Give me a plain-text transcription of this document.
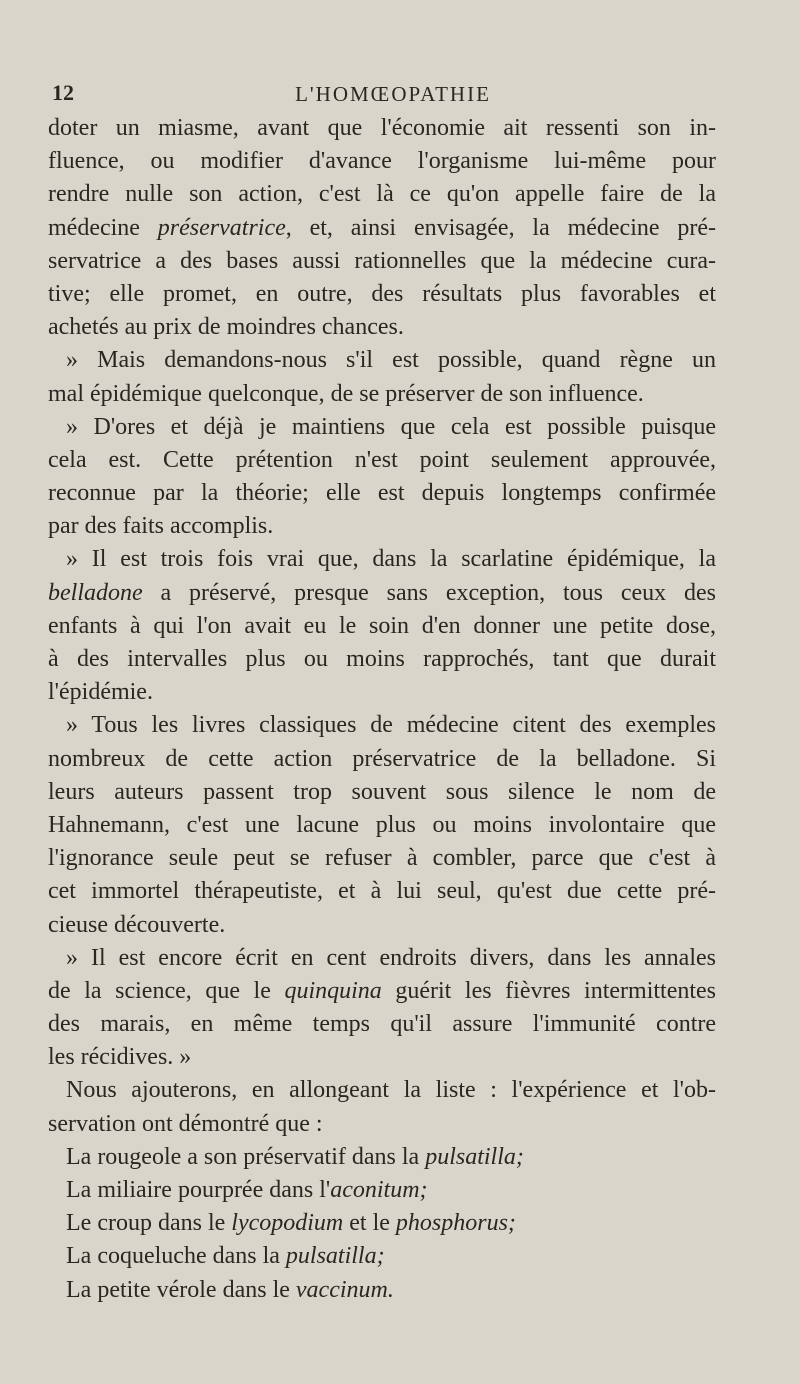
12	L'HOMŒOPATHIE
doter un miasme, avant que l'économie ait ressenti son in-
fluence, ou modifier d'avance l'organisme lui-même pour
rendre nulle son action, c'est là ce qu'on appelle faire de la
médecine préservatrice, et, ainsi envisagée, la médecine pré-
servatrice a des bases aussi rationnelles que la médecine cura-
tive; elle promet, en outre, des résultats plus favorables et
achetés au prix de moindres chances.
» Mais demandons-nous s'il est possible, quand règne un
mal épidémique quelconque, de se préserver de son influence.
» D'ores et déjà je maintiens que cela est possible puisque
cela est. Cette prétention n'est point seulement approuvée,
reconnue par la théorie; elle est depuis longtemps confirmée
par des faits accomplis.
» Il est trois fois vrai que, dans la scarlatine épidémique, la
belladone a préservé, presque sans exception, tous ceux des
enfants à qui l'on avait eu le soin d'en donner une petite dose,
à des intervalles plus ou moins rapprochés, tant que durait
l'épidémie.
» Tous les livres classiques de médecine citent des exemples
nombreux de cette action préservatrice de la belladone. Si
leurs auteurs passent trop souvent sous silence le nom de
Hahnemann, c'est une lacune plus ou moins involontaire que
l'ignorance seule peut se refuser à combler, parce que c'est à
cet immortel thérapeutiste, et à lui seul, qu'est due cette pré-
cieuse découverte.
» Il est encore écrit en cent endroits divers, dans les annales
de la science, que le quinquina guérit les fièvres intermittentes
des marais, en même temps qu'il assure l'immunité contre
les récidives. »
Nous ajouterons, en allongeant la liste : l'expérience et l'ob-
servation ont démontré que :
La rougeole a son préservatif dans la pulsatilla;
La miliaire pourprée dans l'aconitum;
Le croup dans le lycopodium et le phosphorus;
La coqueluche dans la pulsatilla;
La petite vérole dans le vaccinum.
